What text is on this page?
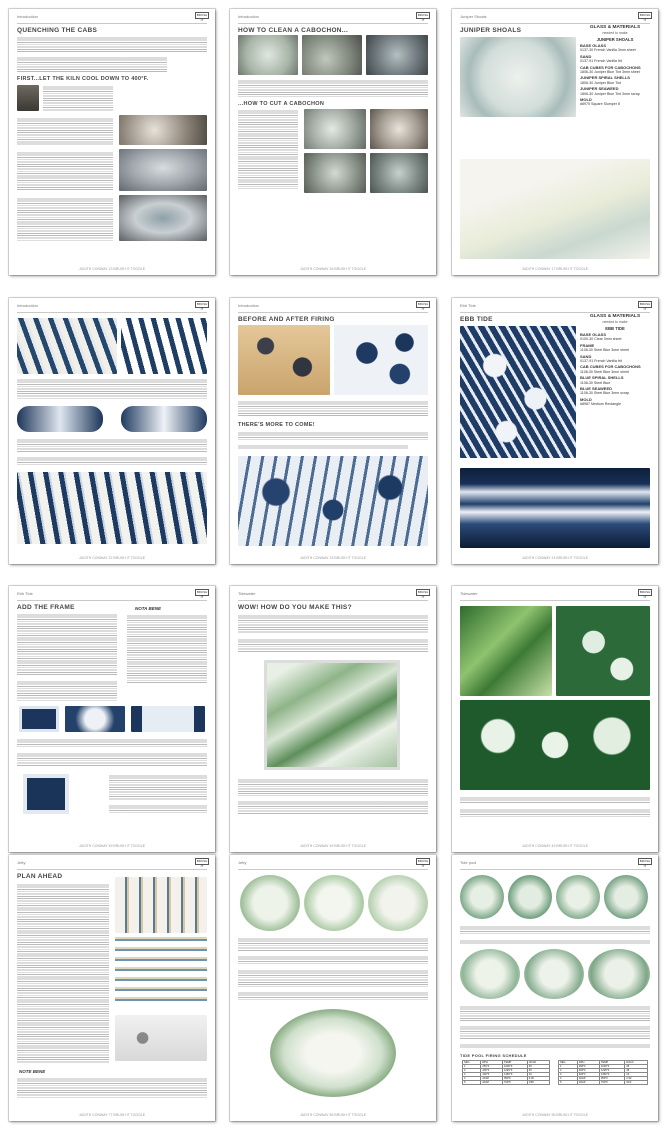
Introduction	BRUSH IT
QUENCHING THE CABS
FIRST...LET THE KILN COOL DOWN TO 400°F.
JUDITH CONWAY 13 BRUSH IT TOGGLE
Introduction	BRUSH IT
HOW TO CLEAN A CABOCHON...
...HOW TO CUT A CABOCHON
JUDITH CONWAY 16 BRUSH IT TOGGLE
Juniper Shoals	BRUSH IT
JUNIPER SHOALS	GLASS & MATERIALS
needed to make
JUNIPER SHOALS
BASE GLASS
0137-30 French Vanilla 3mm sheet
SAND
0137-91 French Vanilla frit
CAB CUBES FOR CABOCHONS
1806-30 Juniper Blue Tint 3mm sheet
JUNIPER SPIRAL SHELLS
1806-30 Juniper Blue Tint
JUNIPER SEAWEED
1806-30 Juniper Blue Tint 3mm scrap
MOLD
#8975 Square Slumper 8
JUDITH CONWAY 17 BRUSH IT TOGGLE
Introduction	BRUSH IT
JUDITH CONWAY 22 BRUSH IT TOGGLE
Introduction	BRUSH IT
BEFORE AND AFTER FIRING
THERE'S MORE TO COME!
JUDITH CONWAY 23 BRUSH IT TOGGLE
Ebb Tide	BRUSH IT
EBB TIDE	GLASS & MATERIALS
needed to make
EBB TIDE
BASE GLASS
0100-30 Clear 3mm sheet
FRAME
1108-30 Steel Blue 3mm sheet
SAND
0137-91 French Vanilla frit
CAB CUBES FOR CABOCHONS
1108-30 Steel Blue 3mm sheet
BLUE SPIRAL SHELLS
1108-30 Steel Blue
BLUE SEAWEED
1108-30 Steel Blue 3mm scrap
MOLD
#8987 Medium Rectangle
JUDITH CONWAY 24 BRUSH IT TOGGLE
Ebb Tide	BRUSH IT
ADD THE FRAME	NOTA BENE
JUDITH CONWAY 49 BRUSH IT TOGGLE
Tidewater	BRUSH IT
WOW! HOW DO YOU MAKE THIS?
JUDITH CONWAY 49 BRUSH IT TOGGLE
Tidewater	BRUSH IT
JUDITH CONWAY 49 BRUSH IT TOGGLE
Jetty	BRUSH IT
PLAN AHEAD
NOTE BENE
JUDITH CONWAY 77 BRUSH IT TOGGLE
Jetty	BRUSH IT
JUDITH CONWAY 89 BRUSH IT TOGGLE
Tide pool	BRUSH IT
TIDE POOL FIRING SCHEDULE
SEG	DPH	TEMP	HOLD
1	250°F	1000°F	45
2	400°F	1225°F	45
3	400°F	1360°F	10
4	AFAP	950°F	2:30
5	AFAP	700°F	OFF
SEG	DPH	TEMP	HOLD
1	250°F	1000°F	45
2	400°F	1225°F	45
3	400°F	1360°F	10
4	AFAP	950°F	2:30
5	AFAP	700°F	OFF
JUDITH CONWAY 96 BRUSH IT TOGGLE
